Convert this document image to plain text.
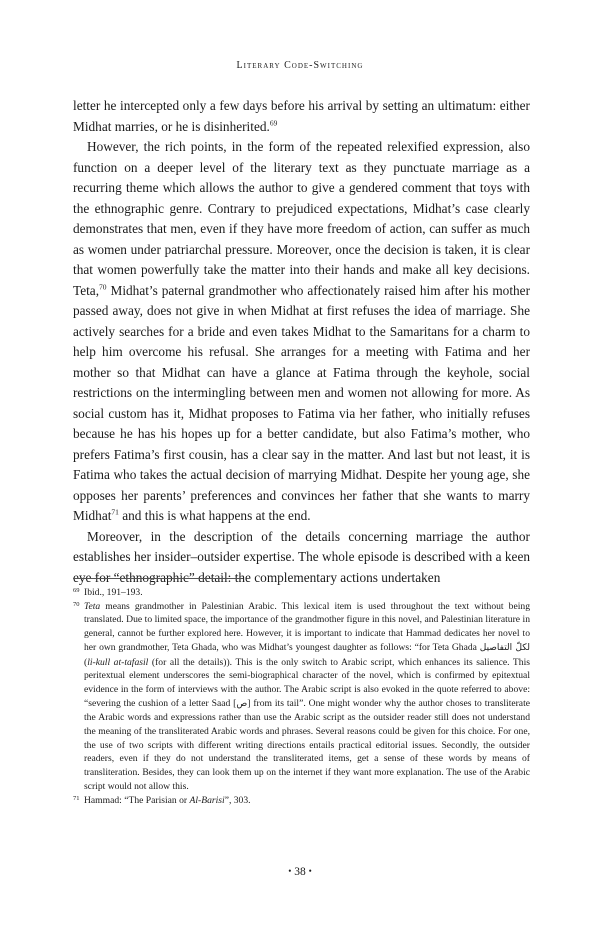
Literary Code-Switching

letter he intercepted only a few days before his arrival by setting an ultimatum: either Midhat marries, or he is disinherited.$^{69}$

However, the rich points, in the form of the repeated relexified expression, also function on a deeper level of the literary text as they punctuate marriage as a recurring theme which allows the author to give a gendered comment that toys with the ethnographic genre. Contrary to prejudiced expectations, Midhat’s case clearly demonstrates that men, even if they have more freedom of action, can suffer as much as women under patriarchal pressure. Moreover, once the decision is taken, it is clear that women powerfully take the matter into their hands and make all key decisions. Teta,$^{70}$ Midhat’s paternal grandmother who affectionately raised him after his mother passed away, does not give in when Midhat at first refuses the idea of marriage. She actively searches for a bride and even takes Midhat to the Samaritans for a charm to help him overcome his refusal. She arranges for a meeting with Fatima and her mother so that Midhat can have a glance at Fatima through the keyhole, social restrictions on the intermingling between men and women not allowing for more. As social custom has it, Midhat proposes to Fatima via her father, who initially refuses because he has his hopes up for a better candidate, but also Fatima’s mother, who prefers Fatima’s first cousin, has a clear say in the matter. And last but not least, it is Fatima who takes the actual decision of marrying Midhat. Despite her young age, she opposes her parents’ preferences and convinces her father that she wants to marry Midhat$^{71}$ and this is what happens at the end.

Moreover, in the description of the details concerning marriage the author establishes her insider–outsider expertise. The whole episode is described with a keen eye for “ethnographic” detail: the complementary actions undertaken

69 Ibid., 191–193.

70 Teta means grandmother in Palestinian Arabic. This lexical item is used throughout the text without being translated. Due to limited space, the importance of the grandmother figure in this novel, and Palestinian literature in general, cannot be further explored here. However, it is important to indicate that Hammad dedicates her novel to her own grandmother, Teta Ghada, who was Midhat’s youngest daughter as follows: “for Teta Ghada لكلّ التفاصيل (li-kull at-tafasil (for all the details)). This is the only switch to Arabic script, which enhances its salience. This peritextual element underscores the semi-biographical character of the novel, which is confirmed by epitextual evidence in the form of interviews with the author. The Arabic script is also evoked in the quote referred to above: “severing the cushion of a letter Saad [ص] from its tail”. One might wonder why the author choses to transliterate the Arabic words and expressions rather than use the Arabic script as the outsider reader still does not understand the meaning of the transliterated Arabic words and phrases. Several reasons could be given for this choice. For one, the use of two scripts with different writing directions entails practical editorial issues. Secondly, the outsider readers, even if they do not understand the transliterated items, get a sense of these words by means of transliteration. Besides, they can look them up on the internet if they want more explanation. The use of the Arabic script would not allow this.

71 Hammad: “The Parisian or Al-Barisi”, 303.

• 38 •
